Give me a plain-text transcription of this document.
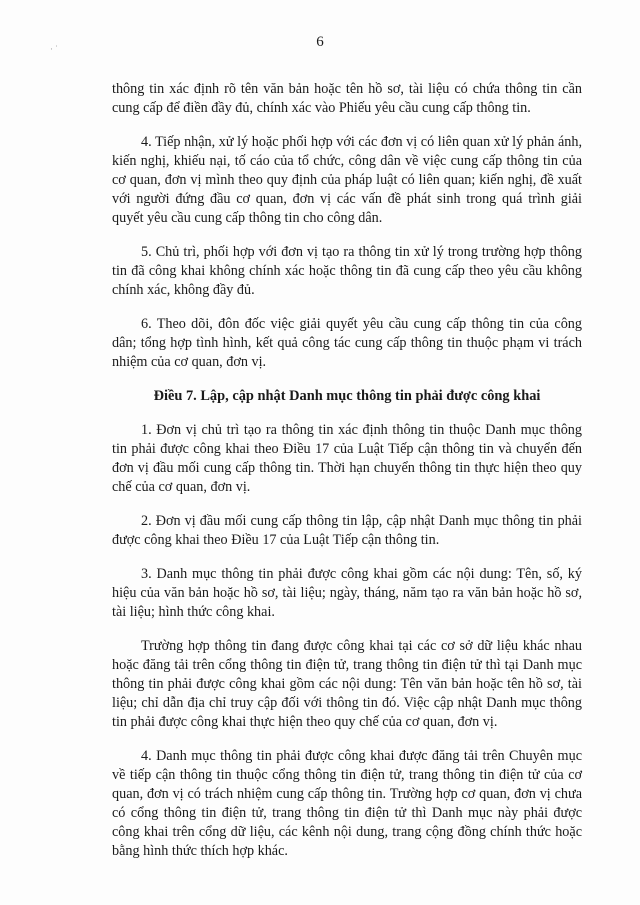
·˙	6

thông tin xác định rõ tên văn bản hoặc tên hồ sơ, tài liệu có chứa thông tin cần cung cấp để điền đầy đủ, chính xác vào Phiếu yêu cầu cung cấp thông tin.

4. Tiếp nhận, xử lý hoặc phối hợp với các đơn vị có liên quan xử lý phản ánh, kiến nghị, khiếu nại, tố cáo của tổ chức, công dân về việc cung cấp thông tin của cơ quan, đơn vị mình theo quy định của pháp luật có liên quan; kiến nghị, đề xuất với người đứng đầu cơ quan, đơn vị các vấn đề phát sinh trong quá trình giải quyết yêu cầu cung cấp thông tin cho công dân.

5. Chủ trì, phối hợp với đơn vị tạo ra thông tin xử lý trong trường hợp thông tin đã công khai không chính xác hoặc thông tin đã cung cấp theo yêu cầu không chính xác, không đầy đủ.

6. Theo dõi, đôn đốc việc giải quyết yêu cầu cung cấp thông tin của công dân; tổng hợp tình hình, kết quả công tác cung cấp thông tin thuộc phạm vi trách nhiệm của cơ quan, đơn vị.

Điều 7. Lập, cập nhật Danh mục thông tin phải được công khai

1. Đơn vị chủ trì tạo ra thông tin xác định thông tin thuộc Danh mục thông tin phải được công khai theo Điều 17 của Luật Tiếp cận thông tin và chuyển đến đơn vị đầu mối cung cấp thông tin. Thời hạn chuyển thông tin thực hiện theo quy chế của cơ quan, đơn vị.

2. Đơn vị đầu mối cung cấp thông tin lập, cập nhật Danh mục thông tin phải được công khai theo Điều 17 của Luật Tiếp cận thông tin.

3. Danh mục thông tin phải được công khai gồm các nội dung: Tên, số, ký hiệu của văn bản hoặc hồ sơ, tài liệu; ngày, tháng, năm tạo ra văn bản hoặc hồ sơ, tài liệu; hình thức công khai.

Trường hợp thông tin đang được công khai tại các cơ sở dữ liệu khác nhau hoặc đăng tải trên cổng thông tin điện tử, trang thông tin điện tử thì tại Danh mục thông tin phải được công khai gồm các nội dung: Tên văn bản hoặc tên hồ sơ, tài liệu; chỉ dẫn địa chỉ truy cập đối với thông tin đó. Việc cập nhật Danh mục thông tin phải được công khai thực hiện theo quy chế của cơ quan, đơn vị.

4. Danh mục thông tin phải được công khai được đăng tải trên Chuyên mục về tiếp cận thông tin thuộc cổng thông tin điện tử, trang thông tin điện tử của cơ quan, đơn vị có trách nhiệm cung cấp thông tin. Trường hợp cơ quan, đơn vị chưa có cổng thông tin điện tử, trang thông tin điện tử thì Danh mục này phải được công khai trên cổng dữ liệu, các kênh nội dung, trang cộng đồng chính thức hoặc bằng hình thức thích hợp khác.
